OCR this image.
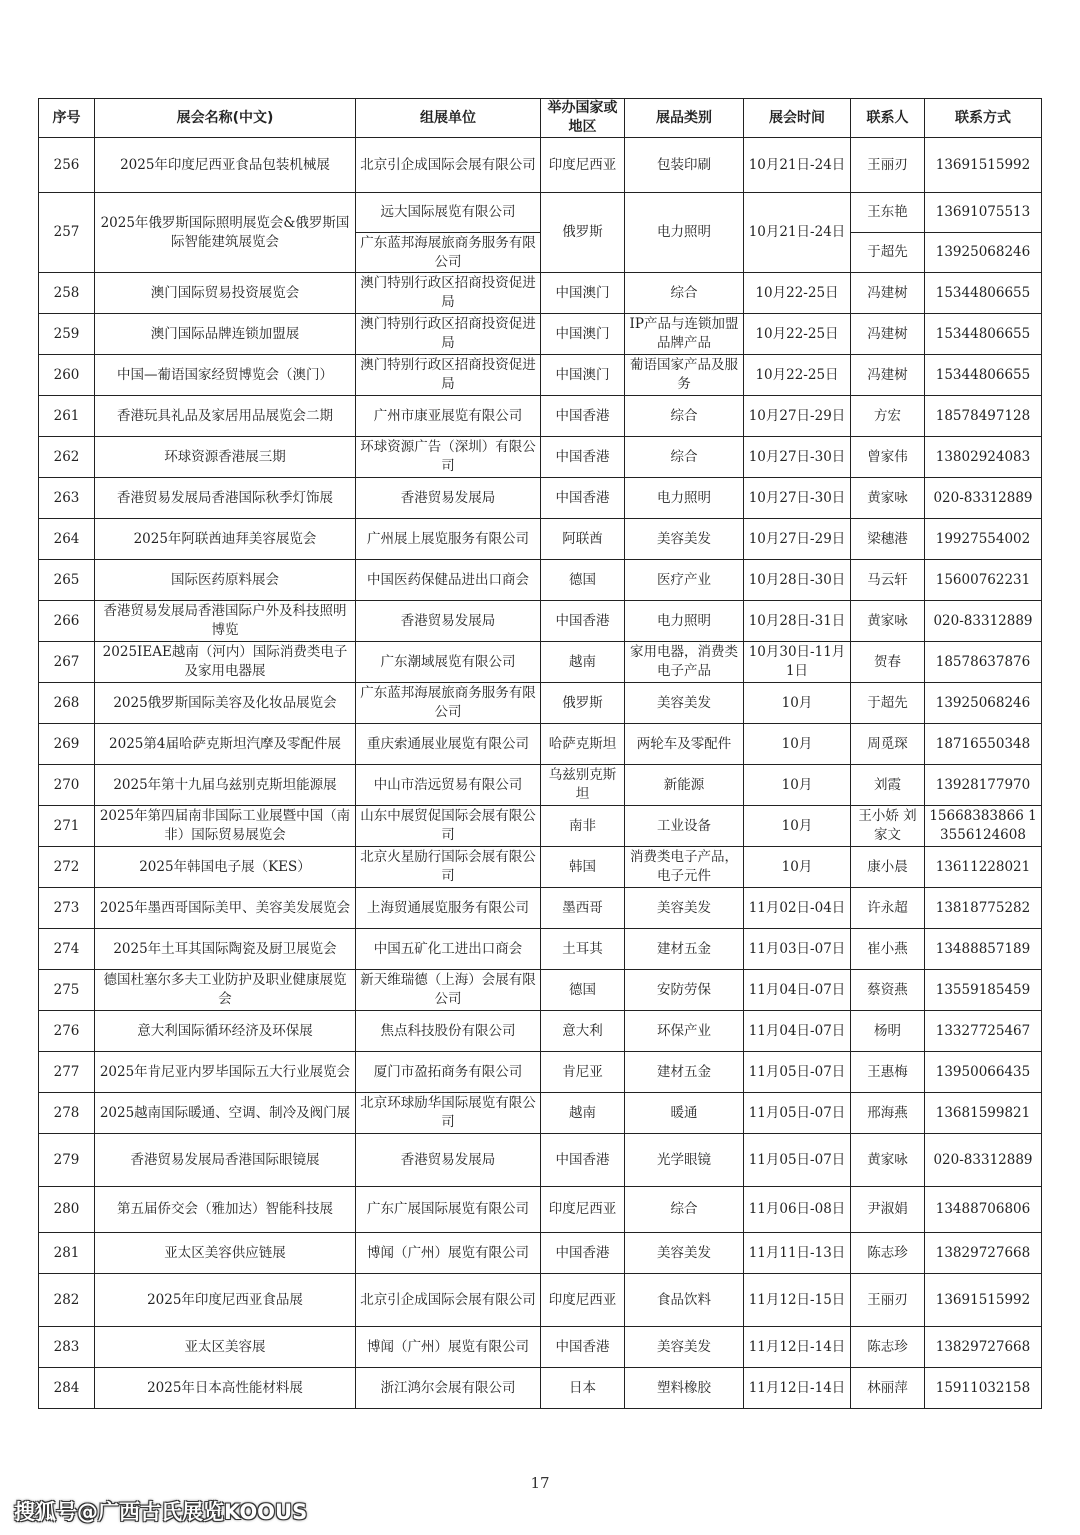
序号	展会名称(中文)	组展单位	举办国家或地区	展品类别	展会时间	联系人	联系方式
256	2025年印度尼西亚食品包装机械展	北京引企成国际会展有限公司	印度尼西亚	包装印刷	10月21日-24日	王丽刃	13691515992
257	2025年俄罗斯国际照明展览会&俄罗斯国际智能建筑展览会	远大国际展览有限公司	俄罗斯	电力照明	10月21日-24日	王东艳	13691075513
		广东蓝邦海展旅商务服务有限公司				于超先	13925068246
258	澳门国际贸易投资展览会	澳门特别行政区招商投资促进局	中国澳门	综合	10月22-25日	冯建树	15344806655
259	澳门国际品牌连锁加盟展	澳门特别行政区招商投资促进局	中国澳门	IP产品与连锁加盟品牌产品	10月22-25日	冯建树	15344806655
260	中国—葡语国家经贸博览会（澳门）	澳门特别行政区招商投资促进局	中国澳门	葡语国家产品及服务	10月22-25日	冯建树	15344806655
261	香港玩具礼品及家居用品展览会二期	广州市康亚展览有限公司	中国香港	综合	10月27日-29日	方宏	18578497128
262	环球资源香港展三期	环球资源广告（深圳）有限公司	中国香港	综合	10月27日-30日	曾家伟	13802924083
263	香港贸易发展局香港国际秋季灯饰展	香港贸易发展局	中国香港	电力照明	10月27日-30日	黄家咏	020-83312889
264	2025年阿联酋迪拜美容展览会	广州展上展览服务有限公司	阿联酋	美容美发	10月27日-29日	梁穗港	19927554002
265	国际医药原料展会	中国医药保健品进出口商会	德国	医疗产业	10月28日-30日	马云轩	15600762231
266	香港贸易发展局香港国际户外及科技照明博览	香港贸易发展局	中国香港	电力照明	10月28日-31日	黄家咏	020-83312889
267	2025IEAE越南（河内）国际消费类电子及家用电器展	广东潮域展览有限公司	越南	家用电器，消费类电子产品	10月30日-11月1日	贺春	18578637876
268	2025俄罗斯国际美容及化妆品展览会	广东蓝邦海展旅商务服务有限公司	俄罗斯	美容美发	10月	于超先	13925068246
269	2025第4届哈萨克斯坦汽摩及零配件展	重庆索通展业展览有限公司	哈萨克斯坦	两轮车及零配件	10月	周觅琛	18716550348
270	2025年第十九届乌兹别克斯坦能源展	中山市浩远贸易有限公司	乌兹别克斯坦	新能源	10月	刘霞	13928177970
271	2025年第四届南非国际工业展暨中国（南非）国际贸易展览会	山东中展贸促国际会展有限公司	南非	工业设备	10月	王小娇 刘家文	15668383866 13556124608
272	2025年韩国电子展（KES）	北京火星励行国际会展有限公司	韩国	消费类电子产品，电子元件	10月	康小晨	13611228021
273	2025年墨西哥国际美甲、美容美发展览会	上海贸通展览服务有限公司	墨西哥	美容美发	11月02日-04日	许永超	13818775282
274	2025年土耳其国际陶瓷及厨卫展览会	中国五矿化工进出口商会	土耳其	建材五金	11月03日-07日	崔小燕	13488857189
275	德国杜塞尔多夫工业防护及职业健康展览会	新天维瑞德（上海）会展有限公司	德国	安防劳保	11月04日-07日	蔡资燕	13559185459
276	意大利国际循环经济及环保展	焦点科技股份有限公司	意大利	环保产业	11月04日-07日	杨明	13327725467
277	2025年肯尼亚内罗毕国际五大行业展览会	厦门市盈拓商务有限公司	肯尼亚	建材五金	11月05日-07日	王惠梅	13950066435
278	2025越南国际暖通、空调、制冷及阀门展	北京环球励华国际展览有限公司	越南	暖通	11月05日-07日	邢海燕	13681599821
279	香港贸易发展局香港国际眼镜展	香港贸易发展局	中国香港	光学眼镜	11月05日-07日	黄家咏	020-83312889
280	第五届侨交会（雅加达）智能科技展	广东广展国际展览有限公司	印度尼西亚	综合	11月06日-08日	尹淑娟	13488706806
281	亚太区美容供应链展	博闻（广州）展览有限公司	中国香港	美容美发	11月11日-13日	陈志珍	13829727668
282	2025年印度尼西亚食品展	北京引企成国际会展有限公司	印度尼西亚	食品饮料	11月12日-15日	王丽刃	13691515992
283	亚太区美容展	博闻（广州）展览有限公司	中国香港	美容美发	11月12日-14日	陈志珍	13829727668
284	2025年日本高性能材料展	浙江鸿尔会展有限公司	日本	塑料橡胶	11月12日-14日	林丽萍	15911032158
17
搜狐号@广西古氏展览KOOUS
